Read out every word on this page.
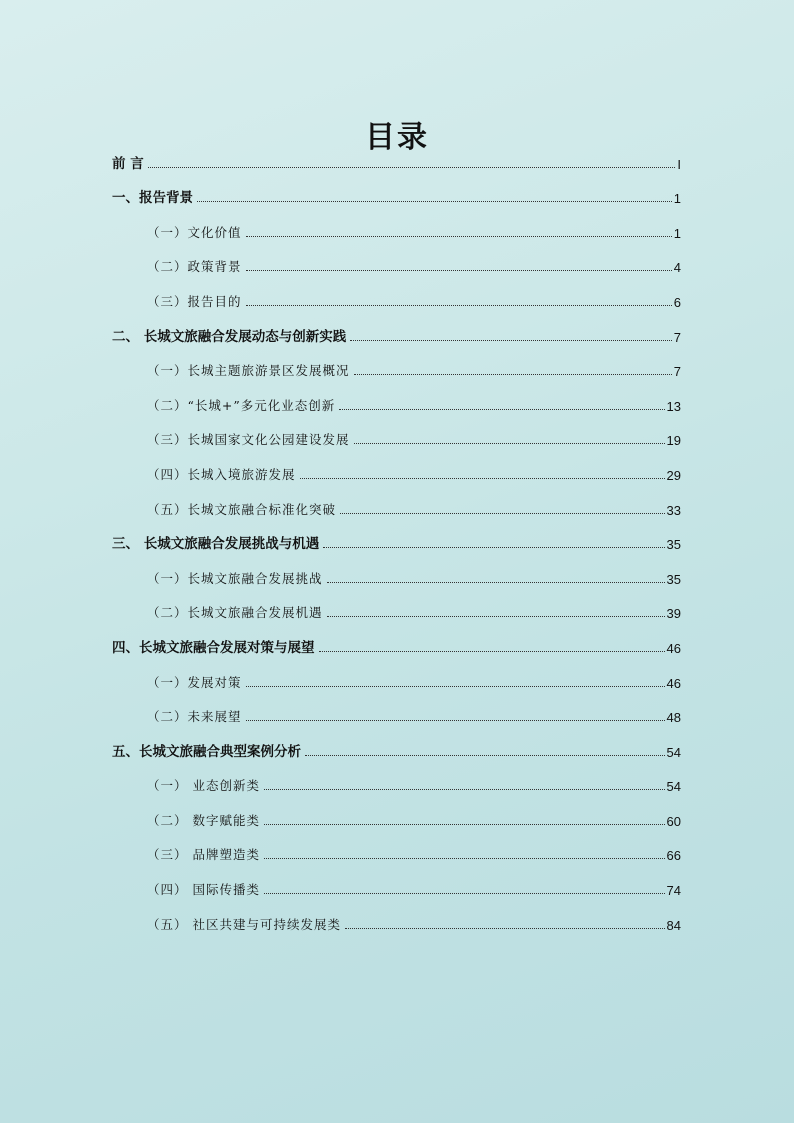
目录
前 言	I
一、报告背景	1
（一）文化价值	1
（二）政策背景	4
（三）报告目的	6
二、 长城文旅融合发展动态与创新实践	7
（一）长城主题旅游景区发展概况	7
（二）“长城+”多元化业态创新	13
（三）长城国家文化公园建设发展	19
（四）长城入境旅游发展	29
（五）长城文旅融合标准化突破	33
三、 长城文旅融合发展挑战与机遇	35
（一）长城文旅融合发展挑战	35
（二）长城文旅融合发展机遇	39
四、长城文旅融合发展对策与展望	46
（一）发展对策	46
（二）未来展望	48
五、长城文旅融合典型案例分析	54
（一） 业态创新类	54
（二） 数字赋能类	60
（三） 品牌塑造类	66
（四） 国际传播类	74
（五） 社区共建与可持续发展类	84
